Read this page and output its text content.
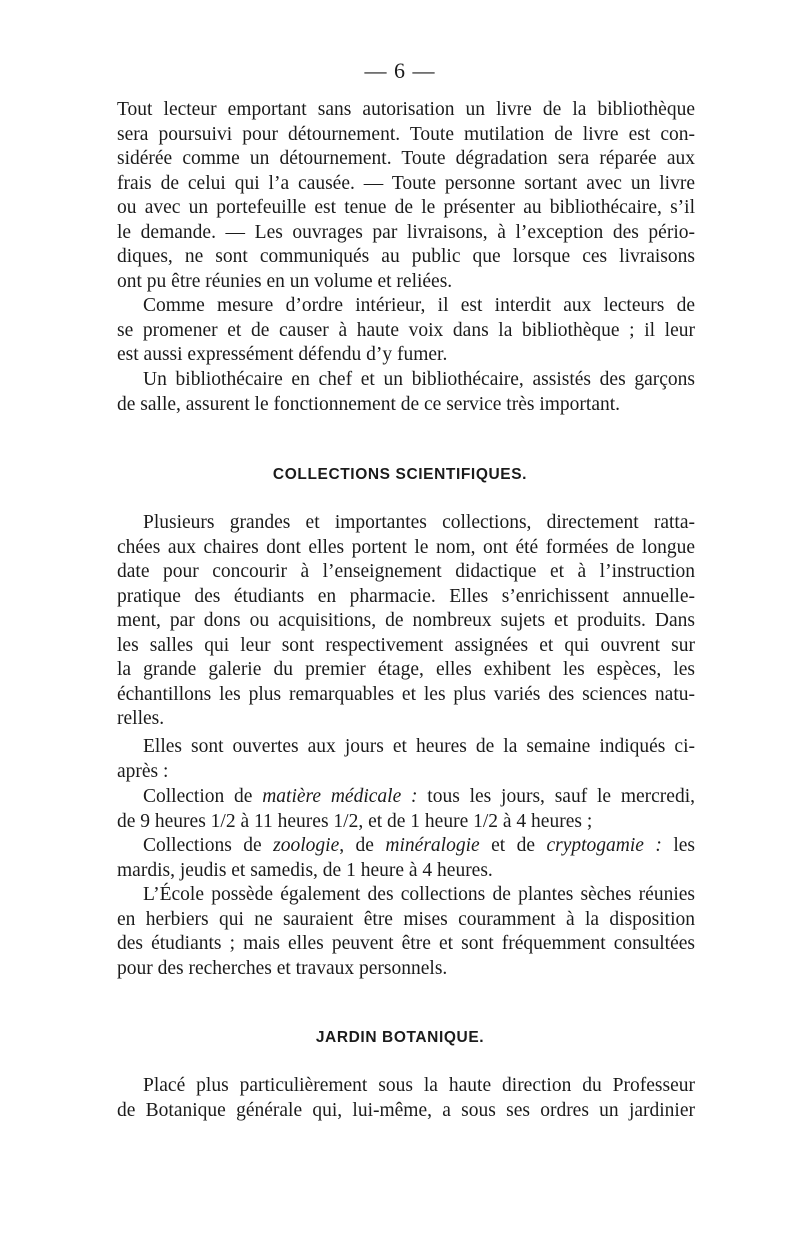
— 6 —
Tout lecteur emportant sans autorisation un livre de la bibliothèque
sera poursuivi pour détournement. Toute mutilation de livre est con-
sidérée comme un détournement. Toute dégradation sera réparée aux
frais de celui qui l’a causée. — Toute personne sortant avec un livre
ou avec un portefeuille est tenue de le présenter au bibliothécaire, s’il
le demande. — Les ouvrages par livraisons, à l’exception des pério-
diques, ne sont communiqués au public que lorsque ces livraisons
ont pu être réunies en un volume et reliées.
Comme mesure d’ordre intérieur, il est interdit aux lecteurs de
se promener et de causer à haute voix dans la bibliothèque ; il leur
est aussi expressément défendu d’y fumer.
Un bibliothécaire en chef et un bibliothécaire, assistés des garçons
de salle, assurent le fonctionnement de ce service très important.
COLLECTIONS SCIENTIFIQUES.
Plusieurs grandes et importantes collections, directement ratta-
chées aux chaires dont elles portent le nom, ont été formées de longue
date pour concourir à l’enseignement didactique et à l’instruction
pratique des étudiants en pharmacie. Elles s’enrichissent annuelle-
ment, par dons ou acquisitions, de nombreux sujets et produits. Dans
les salles qui leur sont respectivement assignées et qui ouvrent sur
la grande galerie du premier étage, elles exhibent les espèces, les
échantillons les plus remarquables et les plus variés des sciences natu-
relles.
Elles sont ouvertes aux jours et heures de la semaine indiqués ci-
après :
Collection de matière médicale : tous les jours, sauf le mercredi,
de 9 heures 1/2 à 11 heures 1/2, et de 1 heure 1/2 à 4 heures ;
Collections de zoologie, de minéralogie et de cryptogamie : les
mardis, jeudis et samedis, de 1 heure à 4 heures.
L’École possède également des collections de plantes sèches réunies
en herbiers qui ne sauraient être mises couramment à la disposition
des étudiants ; mais elles peuvent être et sont fréquemment consultées
pour des recherches et travaux personnels.
JARDIN BOTANIQUE.
Placé plus particulièrement sous la haute direction du Professeur
de Botanique générale qui, lui-même, a sous ses ordres un jardinier
